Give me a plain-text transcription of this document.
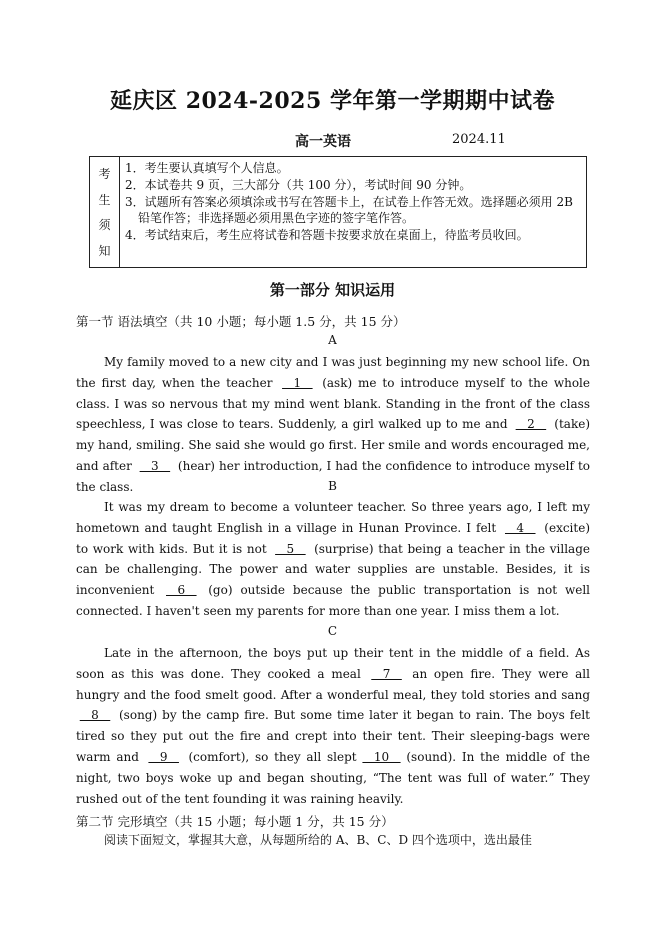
延庆区 2024-2025 学年第一学期期中试卷
高一英语	2024.11
考
生
须
知
1．考生要认真填写个人信息。
2．本试卷共 9 页，三大部分（共 100 分），考试时间 90 分钟。
3．试题所有答案必须填涂或书写在答题卡上，在试卷上作答无效。选择题必须用 2B 铅笔作答；非选择题必须用黑色字迹的签字笔作答。
4．考试结束后，考生应将试卷和答题卡按要求放在桌面上，待监考员收回。
第一部分 知识运用
第一节 语法填空（共 10 小题；每小题 1.5 分，共 15 分）
A
My family moved to a new city and I was just beginning my new school life. On the first day, when the teacher    1    (ask) me to introduce myself to the whole class. I was so nervous that my mind went blank. Standing in the front of the class speechless, I was close to tears. Suddenly, a girl walked up to me and    2    (take) my hand, smiling. She said she would go first. Her smile and words encouraged me, and after    3    (hear) her introduction, I had the confidence to introduce myself to the class.	B
It was my dream to become a volunteer teacher. So three years ago, I left my hometown and taught English in a village in Hunan Province. I felt    4    (excite) to work with kids. But it is not    5    (surprise) that being a teacher in the village can be challenging. The power and water supplies are unstable. Besides, it is inconvenient    6    (go) outside because the public transportation is not well connected. I haven't seen my parents for more than one year. I miss them a lot.
C
Late in the afternoon, the boys put up their tent in the middle of a field. As soon as this was done. They cooked a meal    7    an open fire. They were all hungry and the food smelt good. After a wonderful meal, they told stories and sang    8    (song) by the camp fire. But some time later it began to rain. The boys felt tired so they put out the fire and crept into their tent. Their sleeping-bags were warm and    9    (comfort), so they all slept    10    (sound). In the middle of the night, two boys woke up and began shouting, “The tent was full of water.” They rushed out of the tent founding it was raining heavily.
第二节 完形填空（共 15 小题；每小题 1 分，共 15 分）
阅读下面短文，掌握其大意，从每题所给的 A、B、C、D 四个选项中，选出最佳
